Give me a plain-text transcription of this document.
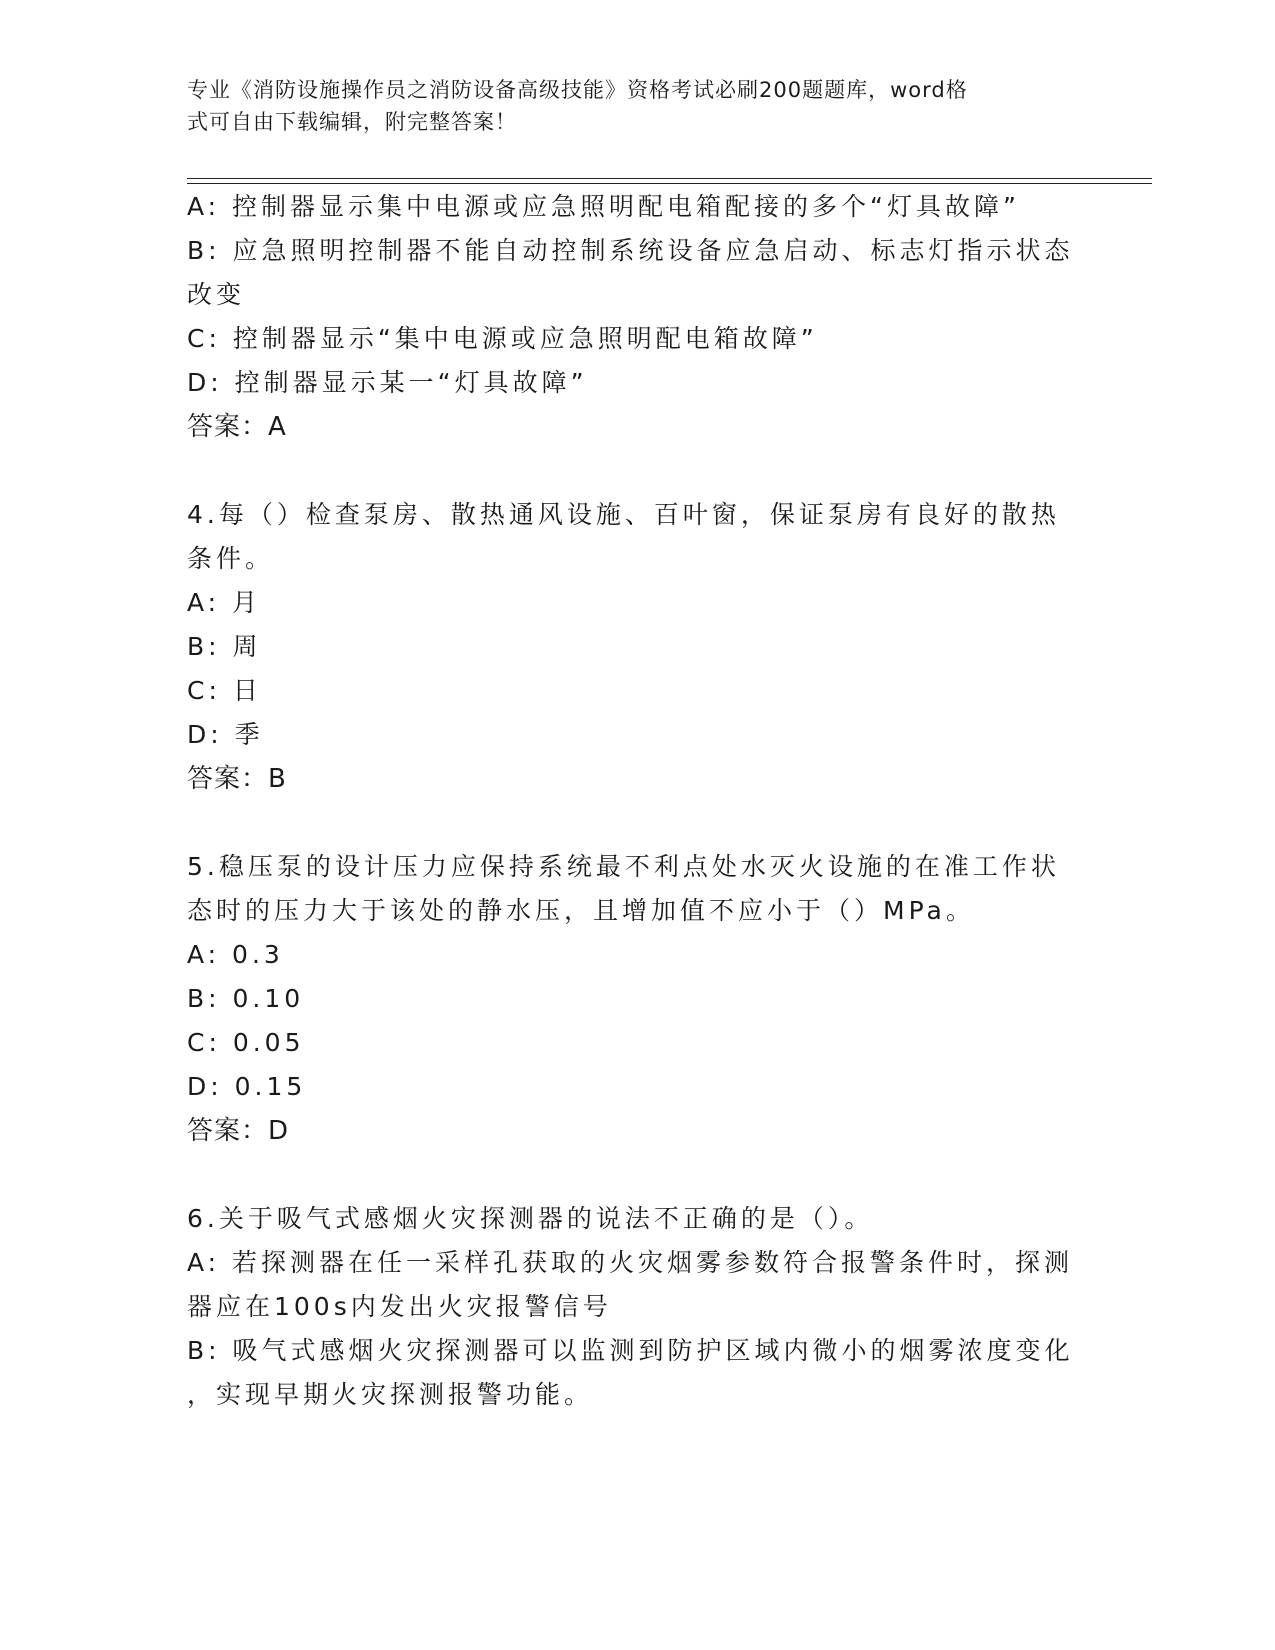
专业《消防设施操作员之消防设备高级技能》资格考试必刷200题题库，word格
式可自由下载编辑，附完整答案！
A: 控制器显示集中电源或应急照明配电箱配接的多个“灯具故障”
B: 应急照明控制器不能自动控制系统设备应急启动、标志灯指示状态
改变
C: 控制器显示“集中电源或应急照明配电箱故障”
D: 控制器显示某一“灯具故障”
答案：A
4.每（）检查泵房、散热通风设施、百叶窗，保证泵房有良好的散热
条件。
A: 月
B: 周
C: 日
D: 季
答案：B
5.稳压泵的设计压力应保持系统最不利点处水灭火设施的在准工作状
态时的压力大于该处的静水压，且增加值不应小于（）MPa。
A: 0.3
B: 0.10
C: 0.05
D: 0.15
答案：D
6.关于吸气式感烟火灾探测器的说法不正确的是（）。
A: 若探测器在任一采样孔获取的火灾烟雾参数符合报警条件时，探测
器应在100s内发出火灾报警信号
B: 吸气式感烟火灾探测器可以监测到防护区域内微小的烟雾浓度变化
，实现早期火灾探测报警功能。
